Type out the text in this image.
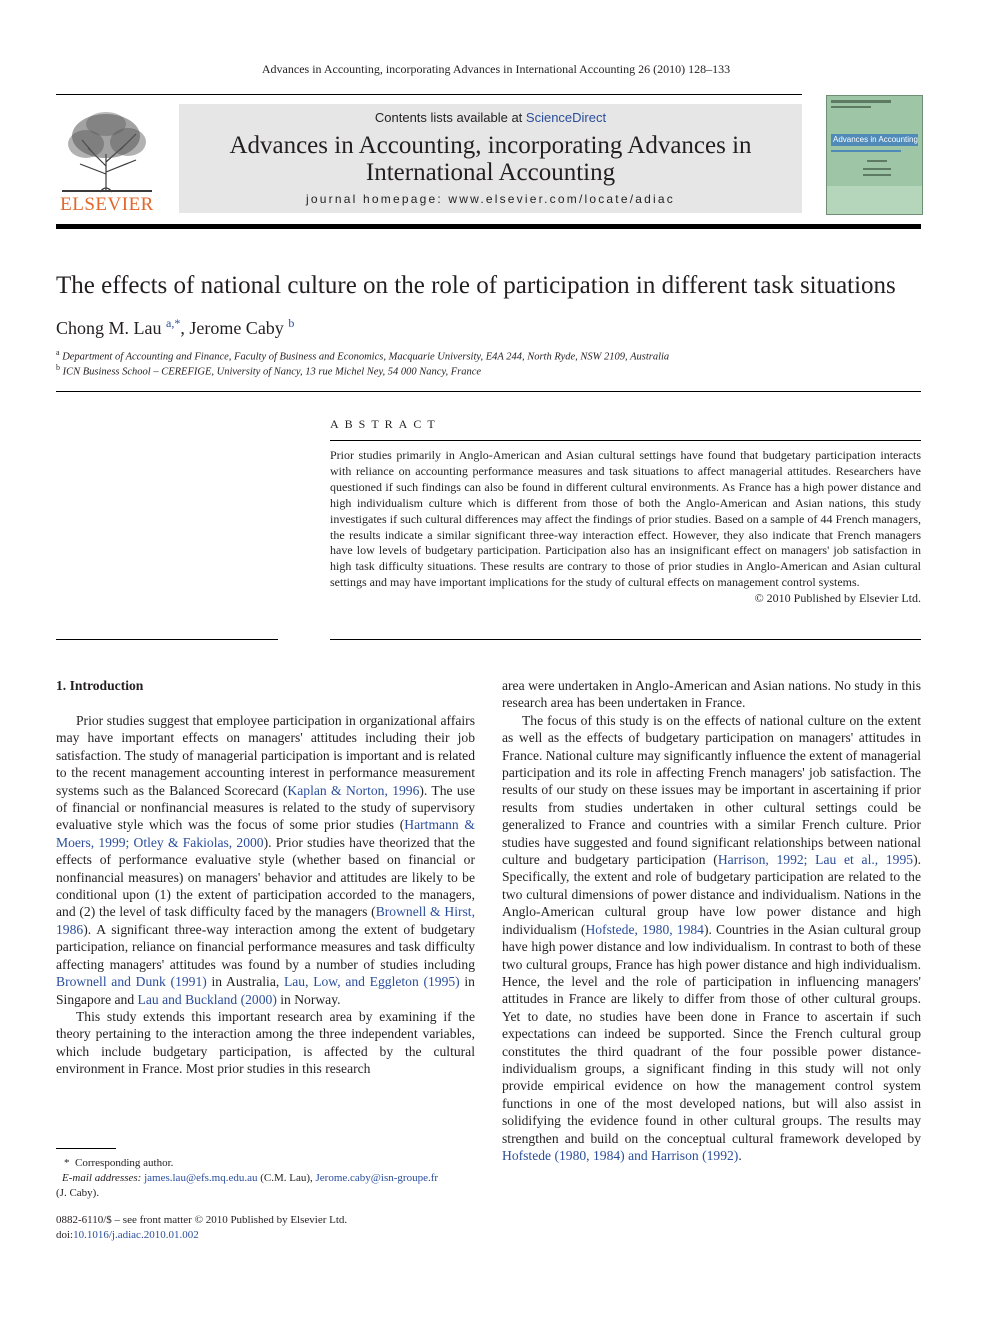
Advances in Accounting, incorporating Advances in International Accounting 26 (2010) 128–133
ELSEVIER
Contents lists available at ScienceDirect
Advances in Accounting, incorporating Advances in
International Accounting
journal homepage: www.elsevier.com/locate/adiac
Advances in Accounting
The effects of national culture on the role of participation in different task situations
Chong M. Lau $^{a,*}$, Jerome Caby $^b$
$^a$ Department of Accounting and Finance, Faculty of Business and Economics, Macquarie University, E4A 244, North Ryde, NSW 2109, Australia
$^b$ ICN Business School – CEREFIGE, University of Nancy, 13 rue Michel Ney, 54 000 Nancy, France
ABSTRACT
Prior studies primarily in Anglo-American and Asian cultural settings have found that budgetary participation interacts with reliance on accounting performance measures and task situations to affect managerial attitudes. Researchers have questioned if such findings can also be found in different cultural environments. As France has a high power distance and high individualism culture which is different from those of both the Anglo-American and Asian nations, this study investigates if such cultural differences may affect the findings of prior studies. Based on a sample of 44 French managers, the results indicate a similar significant three-way interaction effect. However, they also indicate that French managers have low levels of budgetary participation. Participation also has an insignificant effect on managers' job satisfaction in high task difficulty situations. These results are contrary to those of prior studies in Anglo-American and Asian cultural settings and may have important implications for the study of cultural effects on management control systems.
© 2010 Published by Elsevier Ltd.
1. Introduction

Prior studies suggest that employee participation in organizational affairs may have important effects on managers' attitudes including their job satisfaction. The study of managerial participation is important and is related to the recent management accounting interest in performance measurement systems such as the Balanced Scorecard (Kaplan & Norton, 1996). The use of financial or nonfinancial measures is related to the study of supervisory evaluative style which was the focus of some prior studies (Hartmann & Moers, 1999; Otley & Fakiolas, 2000). Prior studies have theorized that the effects of performance evaluative style (whether based on financial or nonfinancial measures) on managers' behavior and attitudes are likely to be conditional upon (1) the extent of participation accorded to the managers, and (2) the level of task difficulty faced by the managers (Brownell & Hirst, 1986). A significant three-way interaction among the extent of budgetary participation, reliance on financial performance measures and task difficulty affecting managers' attitudes was found by a number of studies including Brownell and Dunk (1991) in Australia, Lau, Low, and Eggleton (1995) in Singapore and Lau and Buckland (2000) in Norway.

This study extends this important research area by examining if the theory pertaining to the interaction among the three independent variables, which include budgetary participation, is affected by the cultural environment in France. Most prior studies in this research

area were undertaken in Anglo-American and Asian nations. No study in this research area has been undertaken in France.

The focus of this study is on the effects of national culture on the extent as well as the effects of budgetary participation on managers' attitudes in France. National culture may significantly influence the extent of managerial participation and its role in affecting French managers' job satisfaction. The results of our study on these issues may be important in ascertaining if prior results from studies undertaken in other cultural settings could be generalized to France and countries with a similar French culture. Prior studies have suggested and found significant relationships between national culture and budgetary participation (Harrison, 1992; Lau et al., 1995). Specifically, the extent and role of budgetary participation are related to the two cultural dimensions of power distance and individualism. Nations in the Anglo-American cultural group have low power distance and high individualism (Hofstede, 1980, 1984). Countries in the Asian cultural group have high power distance and low individualism. In contrast to both of these two cultural groups, France has high power distance and high individualism. Hence, the level and the role of participation in influencing managers' attitudes in France are likely to differ from those of other cultural groups. Yet to date, no studies have been done in France to ascertain if such expectations can indeed be supported. Since the French cultural group constitutes the third quadrant of the four possible power distance-individualism groups, a significant finding in this study will not only provide empirical evidence on how the management control system functions in one of the most developed nations, but will also assist in solidifying the evidence found in other cultural groups. The results may strengthen and build on the conceptual cultural framework developed by Hofstede (1980, 1984) and Harrison (1992).

* Corresponding author.
E-mail addresses: james.lau@efs.mq.edu.au (C.M. Lau), Jerome.caby@isn-groupe.fr
(J. Caby).
0882-6110/$ – see front matter © 2010 Published by Elsevier Ltd.
doi:10.1016/j.adiac.2010.01.002
